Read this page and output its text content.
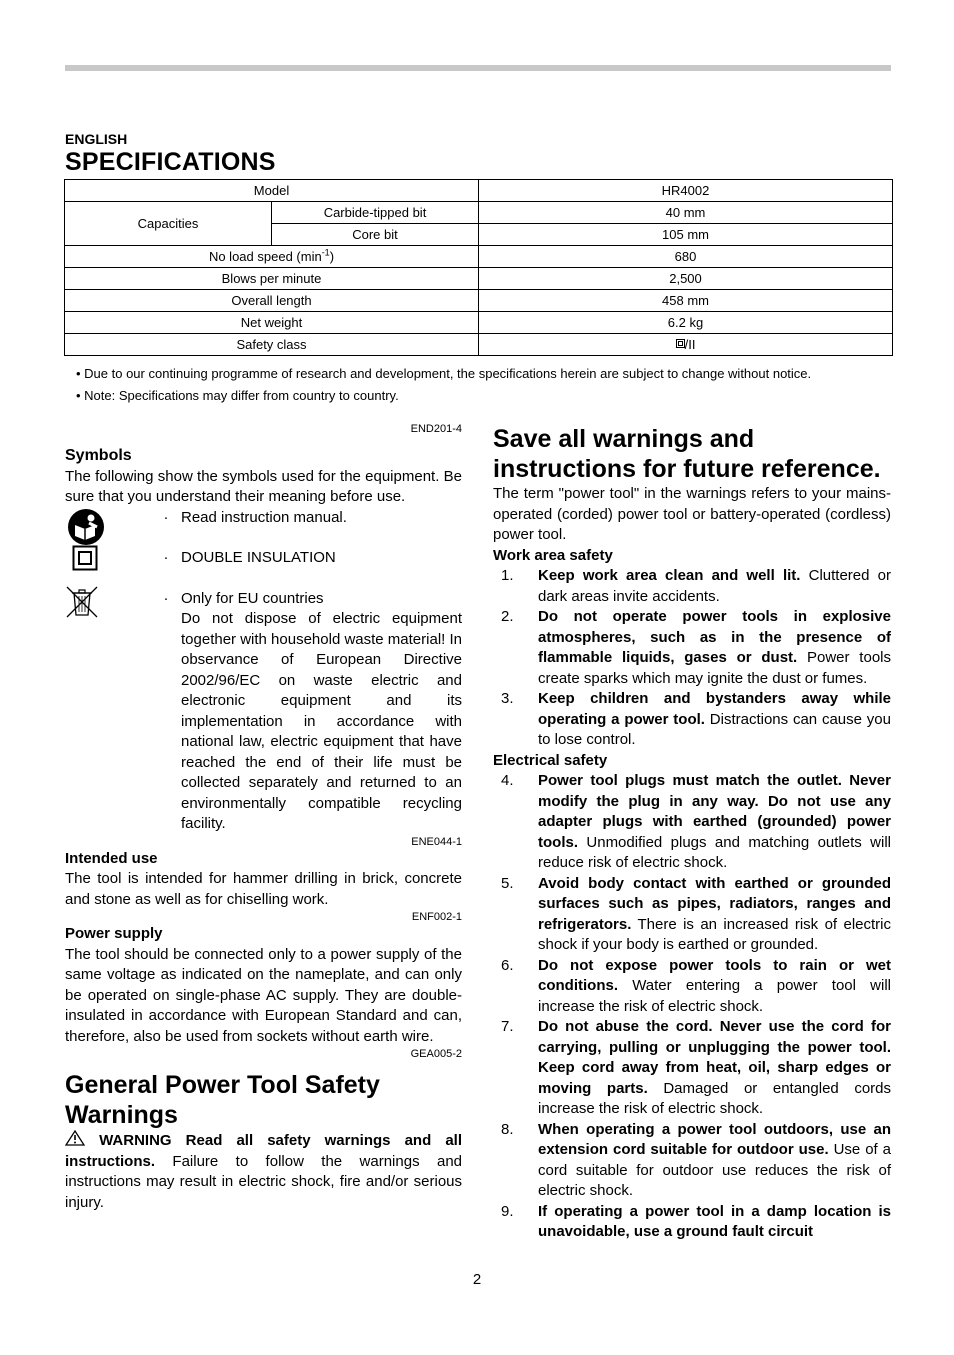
ENGLISH
SPECIFICATIONS
Model		HR4002
Capacities	Carbide-tipped bit	40 mm
	Core bit	105 mm
No load speed $(\min^{-1})$		680
Blows per minute		2,500
Overall length		458 mm
Net weight		6.2 kg
Safety class		/II
• Due to our continuing programme of research and development, the specifications herein are subject to change without notice.
• Note: Specifications may differ from country to country.
END201-4
Symbols
The following show the symbols used for the equipment. Be sure that you understand their meaning before use.
· Read instruction manual.
· DOUBLE INSULATION
· Only for EU countries
Do not dispose of electric equipment together with household waste material! In observance of European Directive 2002/96/EC on waste electric and electronic equipment and its implementation in accordance with national law, electric equipment that have reached the end of their life must be collected separately and returned to an environmentally compatible recycling facility.
ENE044-1
Intended use
The tool is intended for hammer drilling in brick, concrete and stone as well as for chiselling work.
ENF002-1
Power supply
The tool should be connected only to a power supply of the same voltage as indicated on the nameplate, and can only be operated on single-phase AC supply. They are double-insulated in accordance with European Standard and can, therefore, also be used from sockets without earth wire.
GEA005-2
General Power Tool Safety Warnings
WARNING Read all safety warnings and all instructions. Failure to follow the warnings and instructions may result in electric shock, fire and/or serious injury.
Save all warnings and instructions for future reference.
The term "power tool" in the warnings refers to your mains-operated (corded) power tool or battery-operated (cordless) power tool.
Work area safety
1.	Keep work area clean and well lit. Cluttered or dark areas invite accidents.
2.	Do not operate power tools in explosive atmospheres, such as in the presence of flammable liquids, gases or dust. Power tools create sparks which may ignite the dust or fumes.
3.	Keep children and bystanders away while operating a power tool. Distractions can cause you to lose control.
Electrical safety
4.	Power tool plugs must match the outlet. Never modify the plug in any way. Do not use any adapter plugs with earthed (grounded) power tools. Unmodified plugs and matching outlets will reduce risk of electric shock.
5.	Avoid body contact with earthed or grounded surfaces such as pipes, radiators, ranges and refrigerators. There is an increased risk of electric shock if your body is earthed or grounded.
6.	Do not expose power tools to rain or wet conditions. Water entering a power tool will increase the risk of electric shock.
7.	Do not abuse the cord. Never use the cord for carrying, pulling or unplugging the power tool. Keep cord away from heat, oil, sharp edges or moving parts. Damaged or entangled cords increase the risk of electric shock.
8.	When operating a power tool outdoors, use an extension cord suitable for outdoor use. Use of a cord suitable for outdoor use reduces the risk of electric shock.
9.	If operating a power tool in a damp location is unavoidable, use a ground fault circuit
2
